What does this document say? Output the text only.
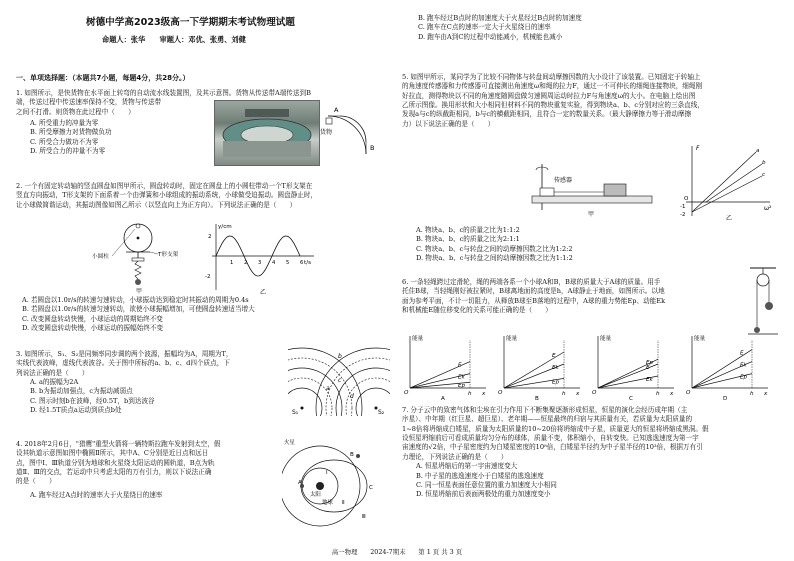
树德中学高2023级高一下学期期末考试物理试题
命题人：张华　　审题人：邓优、张勇、刘健
一、单项选择题：（本题共7小题，每题4分，共28分。）
1. 如图所示，是快货物在水平面上转弯的自动流水线装置图，及其示意图。货物从传送带A端传送到B
端，传送过程中传送速率保持不变，货物与传送带
之间不打滑。则货物在此过程中（　　）
A. 所受重力的冲量为零
B. 所受摩擦力对货物做负功
C. 所受合力做功不为零
D. 所受合力的冲量不为零
A
B
货物
2. 一个有固定转动轴的竖直圆盘如图甲所示，圆盘转动时，固定在圆盘上的小圆柱带动一个T形支架在
竖直方向振动，T形支架的下面系着一个由弹簧和小球组成的振动系统，小球做受迫振动。圆盘静止时，
让小球做简谐运动，其振动图像如图乙所示（以竖直向上为正方向）。下列说法正确的是（　　）
小圆柱	T形支架
甲
y/cm
t/s
2
-2
1 2 3 4 5 6
乙
A. 若圆盘以1.0r/s的转速匀速转动，小球振动达到稳定时其振动的周期为0.4s
B. 若圆盘以1.0r/s的转速匀速转动，欲使小球振幅增加，可使圆盘转速适当增大
C. 改变圆盘转动快慢，小球运动的周期始终不变
D. 改变圆盘转动快慢，小球运动的振幅始终不变
3. 如图所示，S₁、S₂是同频率同步调的两个波源，振幅均为A，周期为T，
实线代表波峰，虚线代表波谷。关于图中所标的a、b、c、d四个质点，下
列说法正确的是（　　）
A. a的振幅为2A
B. b为振动加强点，c为振动减弱点
C. 图示时刻b在波峰，经0.5T，b到达波谷
D. 经1.5T质点a运动到质点b处
a
b
c
d
S₁	S₂
4. 2018年2月6日，"猎鹰"重型火箭将一辆特斯拉跑车发射到太空，假
设其轨道示意图如图中椭圆Ⅱ所示，其中A、C分别是近日点和远日
点，图中Ⅰ、Ⅲ轨道分别为地球和火星绕太阳运动的圆轨道，B点为轨
道Ⅱ、Ⅲ的交点，若运动中只考虑太阳的万有引力，则以下说法正确
的是（　　）
A. 跑车经过A点时的速率大于火星绕日的速率	太阳
地球
火星
A
B
C
Ⅰ
Ⅱ
Ⅲ
B. 跑车经过B点时的加速度大于火星经过B点时的加速度
C. 跑车在C点的速率一定大于火星绕日的速率
D. 跑车由A到C的过程中动能减小，机械能也减小
5. 如图甲所示，某同学为了比较不同物体与转盘间动摩擦因数的大小设计了该装置。已知固定于转轴上
的角速度传感器和力传感器可直接测出角速度ω和绳的拉力F，通过一不可伸长的细绳连接物块，细绳刚
好拉直，测得物块以不同的角速度随圆盘做匀速圆周运动时拉力F与角速度ω的大小。在电脑上绘出图
乙所示图像。换用形状和大小相同但材料不同的物块重复实验，得到物块a、b、c分别对应的三条直线，
发现a与c的纵截距相同，b与c的横截距相同，且符合一定的数量关系。（最大静摩擦力等于滑动摩擦
力）以下说法正确的是（　　）
传感器
甲
F
ω²
O
-1
-2
a
b
c
乙
A. 物块a、b、c的质量之比为1:1:2
B. 物块a、b、c的质量之比为2:1:1
C. 物块a、b、c与转盘之间的动摩擦因数之比为1:2:2
D. 物块a、b、c与转盘之间的动摩擦因数之比为1:1:2
6. 一条轻绳跨过定滑轮，绳的两端各系一个小球A和B，B球的质量大于A球的质量。用手
托住B球，当轻绳刚好被拉紧时，B球离地面的高度是h，A球静止于地面，如图所示。以地
面为参考平面，不计一切阻力，从释放B球至B落地的过程中，A球的重力势能Ep、动能Ek
和机械能E随位移变化的关系可能正确的是（　　）
能量
O	h x
E
Ek
Ep
A
能量
O	h x
E
Ek
Ep
B
能量
O	h x
E
Ek
Ep
C
能量
O	h x
E
Ek
Ep
D
7. 分子云中的致密气体和尘埃在引力作用下不断集聚逐渐形成恒星，恒星的演化会经历成年期（主
序星）、中年期（红巨星、超巨星）、老年期——恒星最终的归宿与其质量有关，若质量为太阳质量的
1~8倍将坍缩成白矮星，质量为太阳质量的10~20倍将坍缩成中子星，质量更大的恒星将坍缩成黑洞。假
设恒星坍缩前后可看成质量均匀分布的球体，质量不变，体积缩小，自转变快。已知逃逸速度为第一宇
宙速度的√2倍，中子星密度约为白矮星密度的10⁸倍，白矮星半径约为中子星半径的10³倍，根据万有引
力理论，下列说法正确的是（　　）
A. 恒星坍缩后的第一宇宙速度变大
B. 中子星的逃逸速度小于白矮星的逃逸速度
C. 同一恒星表面任意位置的重力加速度大小相同
D. 恒星坍缩前后表面两极处的重力加速度变小
高一物理　　2024-7期末　　第 1 页 共 3 页
